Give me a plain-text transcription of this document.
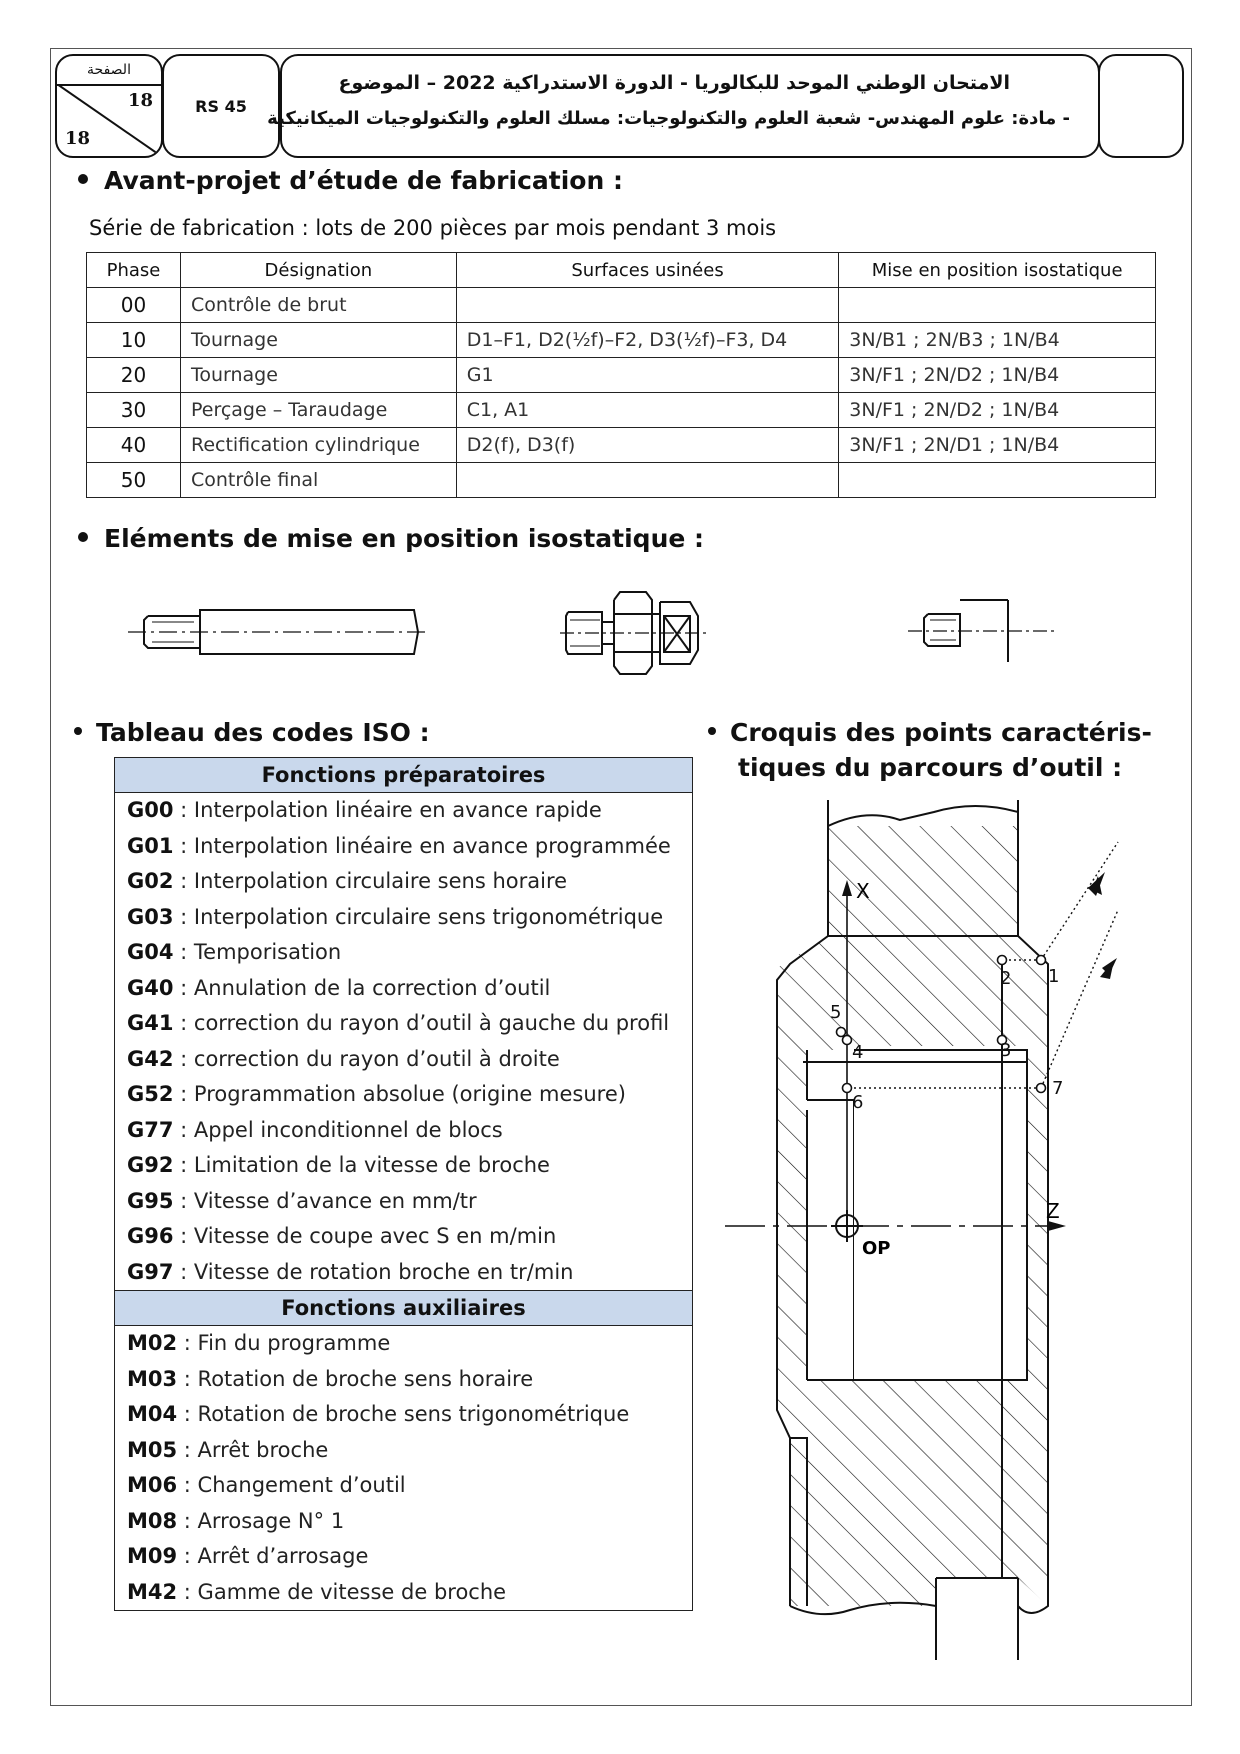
الصفحة
18
18
RS 45
الامتحان الوطني الموحد للبكالوريا - الدورة الاستدراكية 2022 – الموضوع
- مادة: علوم المهندس- شعبة العلوم والتكنولوجيات: مسلك العلوم والتكنولوجيات الميكانيكية
Avant-projet d’étude de fabrication :
Série de fabrication : lots de 200 pièces par mois pendant 3 mois
Phase	Désignation	Surfaces usinées	Mise en position isostatique
00	Contrôle de brut		
10	Tournage	D1–F1, D2(½f)–F2, D3(½f)–F3, D4	3N/B1 ; 2N/B3 ; 1N/B4
20	Tournage	G1	3N/F1 ; 2N/D2 ; 1N/B4
30	Perçage – Taraudage	C1, A1	3N/F1 ; 2N/D2 ; 1N/B4
40	Rectification cylindrique	D2(f), D3(f)	3N/F1 ; 2N/D1 ; 1N/B4
50	Contrôle final		
Eléments de mise en position isostatique :
Tableau des codes ISO :
Fonctions préparatoires
G00 : Interpolation linéaire en avance rapide
G01 : Interpolation linéaire en avance programmée
G02 : Interpolation circulaire sens horaire
G03 : Interpolation circulaire sens trigonométrique
G04 : Temporisation
G40 : Annulation de la correction d’outil
G41 : correction du rayon d’outil à gauche du profil
G42 : correction du rayon d’outil à droite
G52 : Programmation absolue (origine mesure)
G77 : Appel inconditionnel de blocs
G92 : Limitation de la vitesse de broche
G95 : Vitesse d’avance en mm/tr
G96 : Vitesse de coupe avec S en m/min
G97 : Vitesse de rotation broche en tr/min
Fonctions auxiliaires
M02 : Fin du programme
M03 : Rotation de broche sens horaire
M04 : Rotation de broche sens trigonométrique
M05 : Arrêt broche
M06 : Changement d’outil
M08 : Arrosage N° 1
M09 : Arrêt d’arrosage
M42 : Gamme de vitesse de broche
Croquis des points caractéris-
tiques du parcours d’outil :
X
Z
OP
1
2
3
4
5
6
7
